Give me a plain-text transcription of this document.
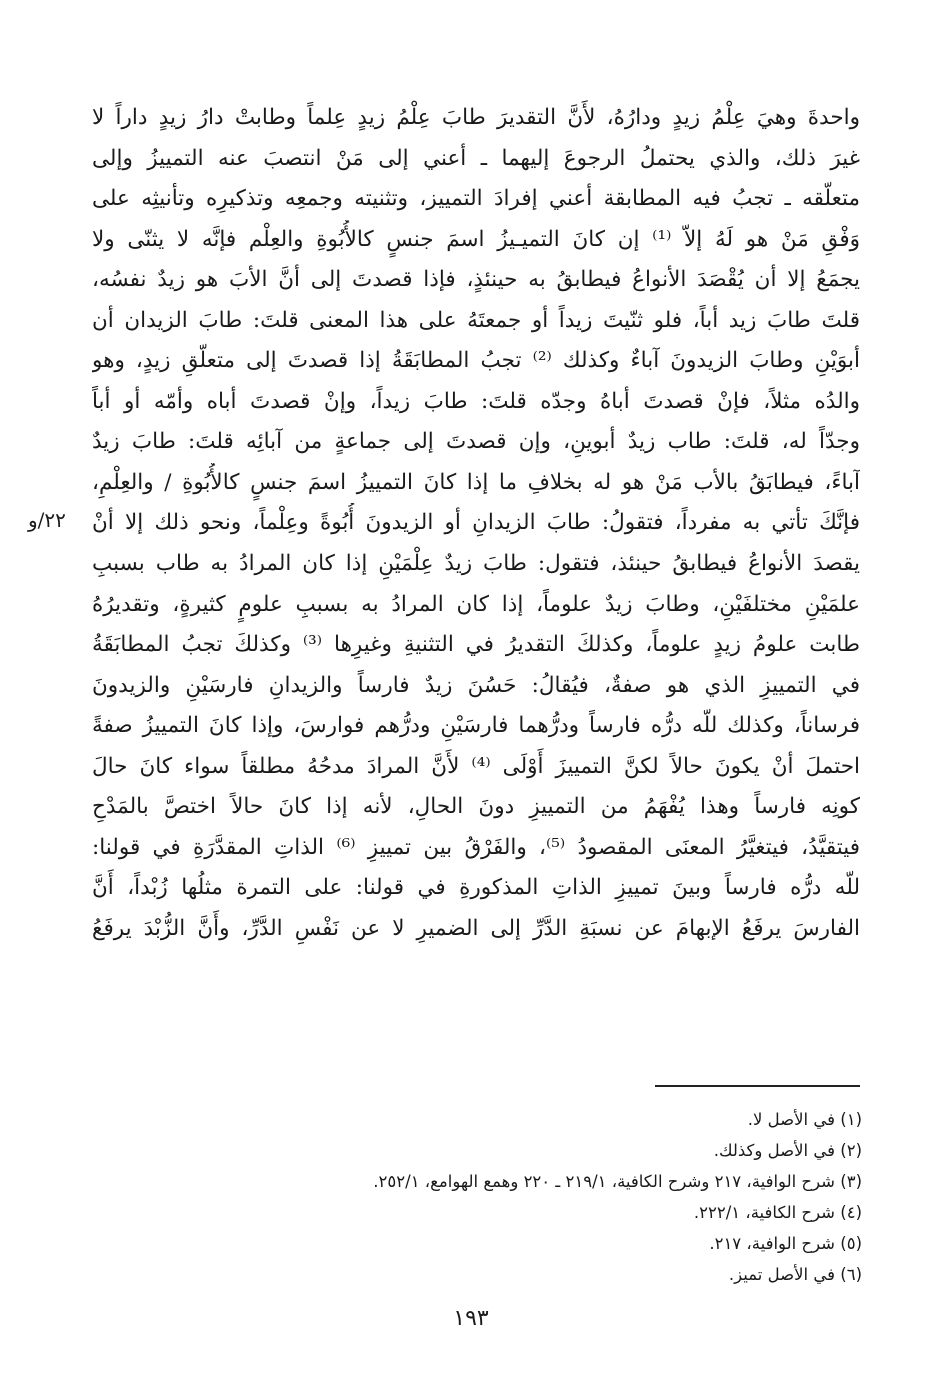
واحدةَ وهيَ عِلْمُ زيدٍ ودارُهُ، لأَنَّ التقديرَ طابَ عِلْمُ زيدٍ عِلماً وطابتْ دارُ زيدٍ داراً لا
غيرَ ذلك، والذي يحتملُ الرجوعَ إليهما ـ أعني إلى مَنْ انتصبَ عنه التمييزُ وإلى
متعلّقه ـ تجبُ فيه المطابقة أعني إفرادَ التمييز، وتثنيته وجمعِه وتذكيرِه وتأنيثِه على
وَفْقِ مَنْ هو لَهُ إلاّ ⁽¹⁾ إن كانَ التميـيزُ اسمَ جنسٍ كالأُبُوةِ والعِلْم فإنَّه لا يثنّى ولا
يجمَعُ إلا أن يُقْصَدَ الأنواعُ فيطابقُ به حينئذٍ، فإذا قصدتَ إلى أنَّ الأبَ هو زيدٌ نفسُه،
قلتَ طابَ زيد أباً، فلو ثنّيتَ زيداً أو جمعتَهُ على هذا المعنى قلتَ: طابَ الزيدان أن
أبوَيْنِ وطابَ الزيدونَ آباءٌ وكذلك ⁽²⁾ تجبُ المطابَقَةُ إذا قصدتَ إلى متعلّقِ زيدٍ، وهو
والدُه مثلاً، فإنْ قصدتَ أباهُ وجدّه قلتَ: طابَ زيداً، وإنْ قصدتَ أباه وأمّه أو أباً
وجدّاً له، قلتَ: طاب زيدٌ أبوينِ، وإن قصدتَ إلى جماعةٍ من آبائِه قلتَ: طابَ زيدٌ
آباءً، فيطابَقُ بالأب مَنْ هو له بخلافِ ما إذا كانَ التمييزُ اسمَ جنسٍ كالأُبُوةِ / والعِلْمِ،
فإنَّكَ تأتي به مفرداً، فتقولُ: طابَ الزيدانِ أو الزيدونَ أُبُوةً وعِلْماً، ونحو ذلك إلا أنْ
يقصدَ الأنواعُ فيطابقُ حينئذ، فتقول: طابَ زيدٌ عِلْمَيْنِ إذا كان المرادُ به طاب بسببِ
علمَيْنِ مختلفَيْنِ، وطابَ زيدٌ علوماً، إذا كان المرادُ به بسببِ علومٍ كثيرةٍ، وتقديرُهُ
طابت علومُ زيدٍ علوماً، وكذلكَ التقديرُ في التثنيةِ وغيرِها ⁽³⁾ وكذلكَ تجبُ المطابَقَةُ
في التمييزِ الذي هو صفةٌ، فيُقالُ: حَسُنَ زيدٌ فارساً والزيدانِ فارسَيْنِ والزيدونَ
فرساناً، وكذلك للّه درُّه فارساً ودرُّهما فارسَيْنِ ودرُّهم فوارسَ، وإذا كانَ التمييزُ صفةً
احتملَ أنْ يكونَ حالاً لكنَّ التمييزَ أَوْلَى ⁽⁴⁾ لأَنَّ المرادَ مدحُهُ مطلقاً سواء كانَ حالَ
كونِه فارساً وهذا يُفْهَمُ من التمييزِ دونَ الحالِ، لأنه إذا كانَ حالاً اختصَّ بالمَدْحِ
فيتقيَّدُ، فيتغيَّرُ المعنَى المقصودُ ⁽⁵⁾، والفَرْقُ بين تمييزِ ⁽⁶⁾ الذاتِ المقدَّرَةِ في قولنا:
للّه درُّه فارساً وبينَ تمييزِ الذاتِ المذكورةِ في قولنا: على التمرة مثلُها زُبْداً، أَنَّ
الفارسَ يرفَعُ الإبهامَ عن نسبَةِ الدَّرِّ إلى الضميرِ لا عن نَفْسِ الدَّرِّ، وأَنَّ الزُّبْدَ يرفَعُ
٢٢/و
(١) في الأصل لا.
(٢) في الأصل وكذلك.
(٣) شرح الوافية، ٢١٧ وشرح الكافية، ٢١٩/١ ـ ٢٢٠ وهمع الهوامع، ٢٥٢/١.
(٤) شرح الكافية، ٢٢٢/١.
(٥) شرح الوافية، ٢١٧.
(٦) في الأصل تميز.
١٩٣
